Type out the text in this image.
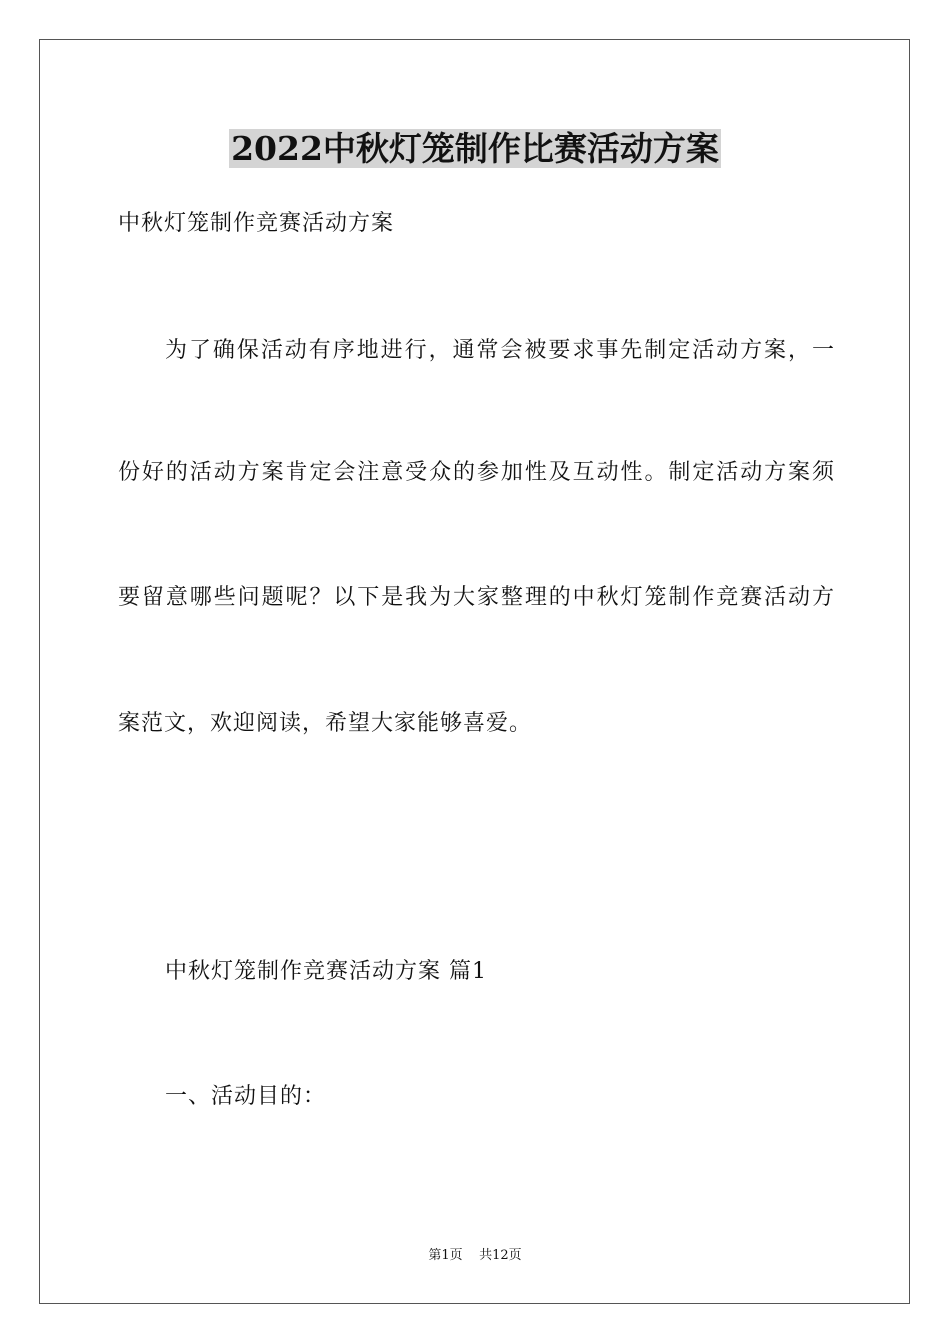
2022中秋灯笼制作比赛活动方案
中秋灯笼制作竞赛活动方案
为了确保活动有序地进行，通常会被要求事先制定活动方案，一
份好的活动方案肯定会注意受众的参加性及互动性。制定活动方案须
要留意哪些问题呢？以下是我为大家整理的中秋灯笼制作竞赛活动方
案范文，欢迎阅读，希望大家能够喜爱。
中秋灯笼制作竞赛活动方案 篇1
一、活动目的：
第1页    共12页
